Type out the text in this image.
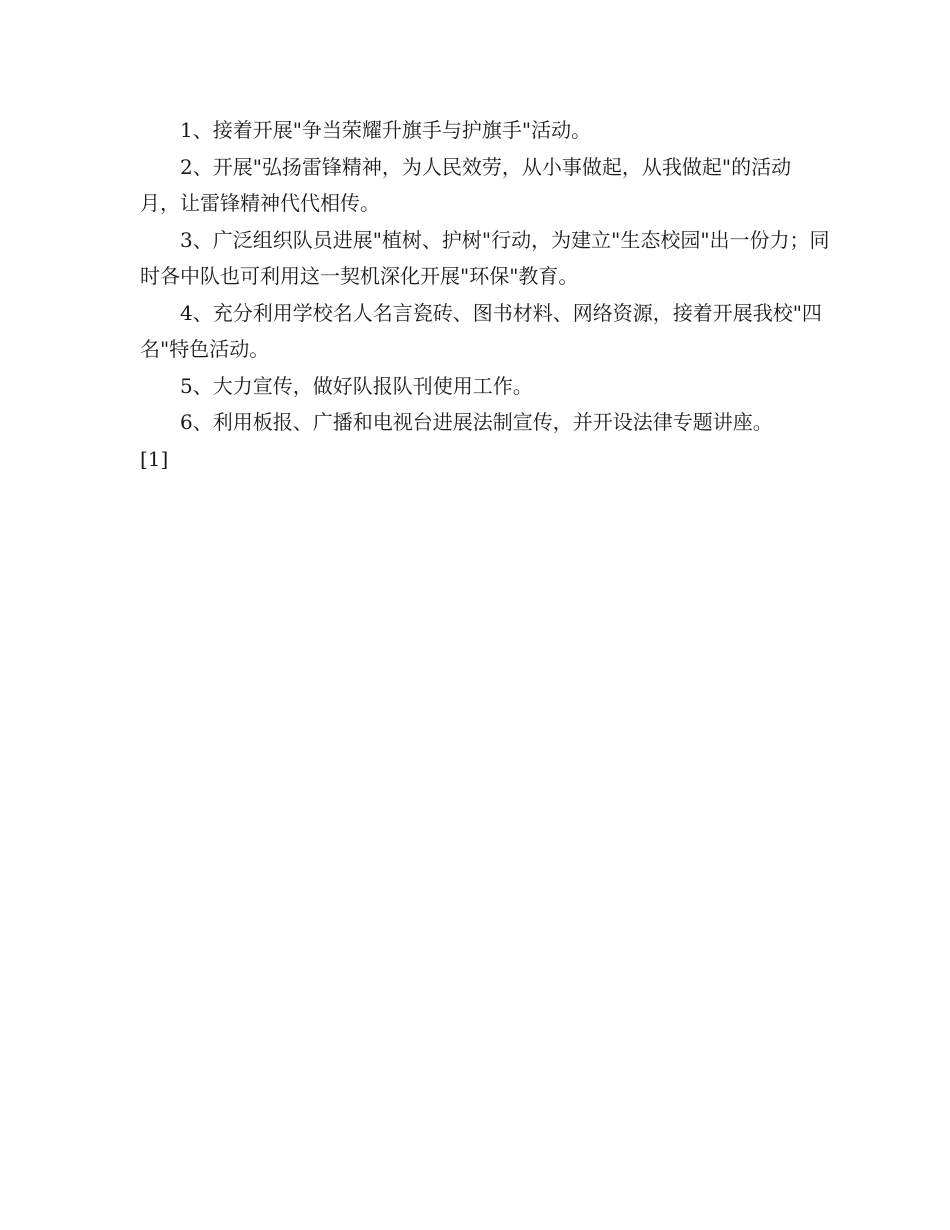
1、接着开展"争当荣耀升旗手与护旗手"活动。

2、开展"弘扬雷锋精神，为人民效劳，从小事做起，从我做起"的活动月，让雷锋精神代代相传。

3、广泛组织队员进展"植树、护树"行动，为建立"生态校园"出一份力；同时各中队也可利用这一契机深化开展"环保"教育。

4、充分利用学校名人名言瓷砖、图书材料、网络资源，接着开展我校"四名"特色活动。

5、大力宣传，做好队报队刊使用工作。

6、利用板报、广播和电视台进展法制宣传，并开设法律专题讲座。

[1]
